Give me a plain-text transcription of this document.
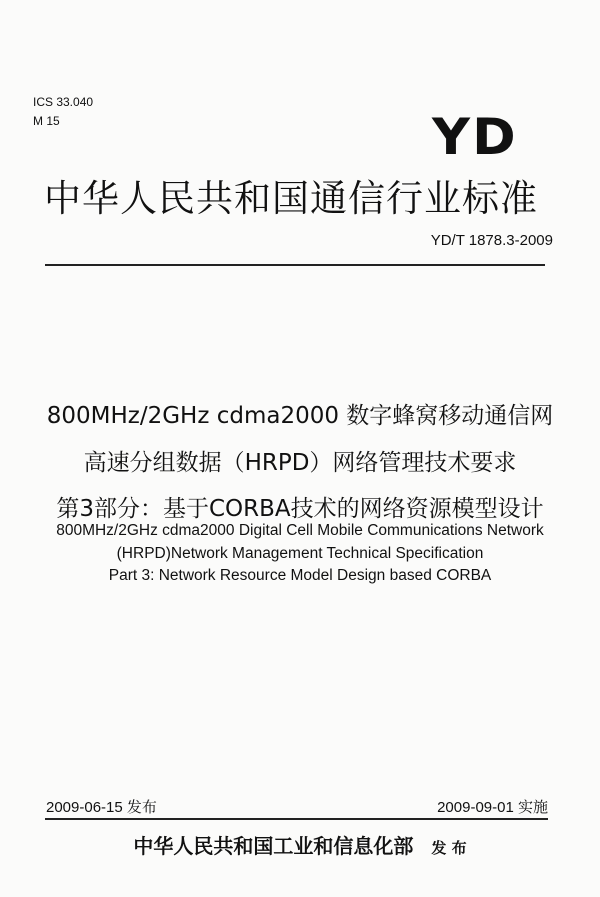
ICS 33.040
M 15	YD
中华人民共和国通信行业标准
YD/T 1878.3-2009
800MHz/2GHz cdma2000 数字蜂窝移动通信网
高速分组数据（HRPD）网络管理技术要求
第3部分：基于CORBA技术的网络资源模型设计
800MHz/2GHz cdma2000 Digital Cell Mobile Communications Network
(HRPD)Network Management Technical Specification
Part 3: Network Resource Model Design based CORBA
2009-06-15 发布	2009-09-01 实施
中华人民共和国工业和信息化部 发 布
